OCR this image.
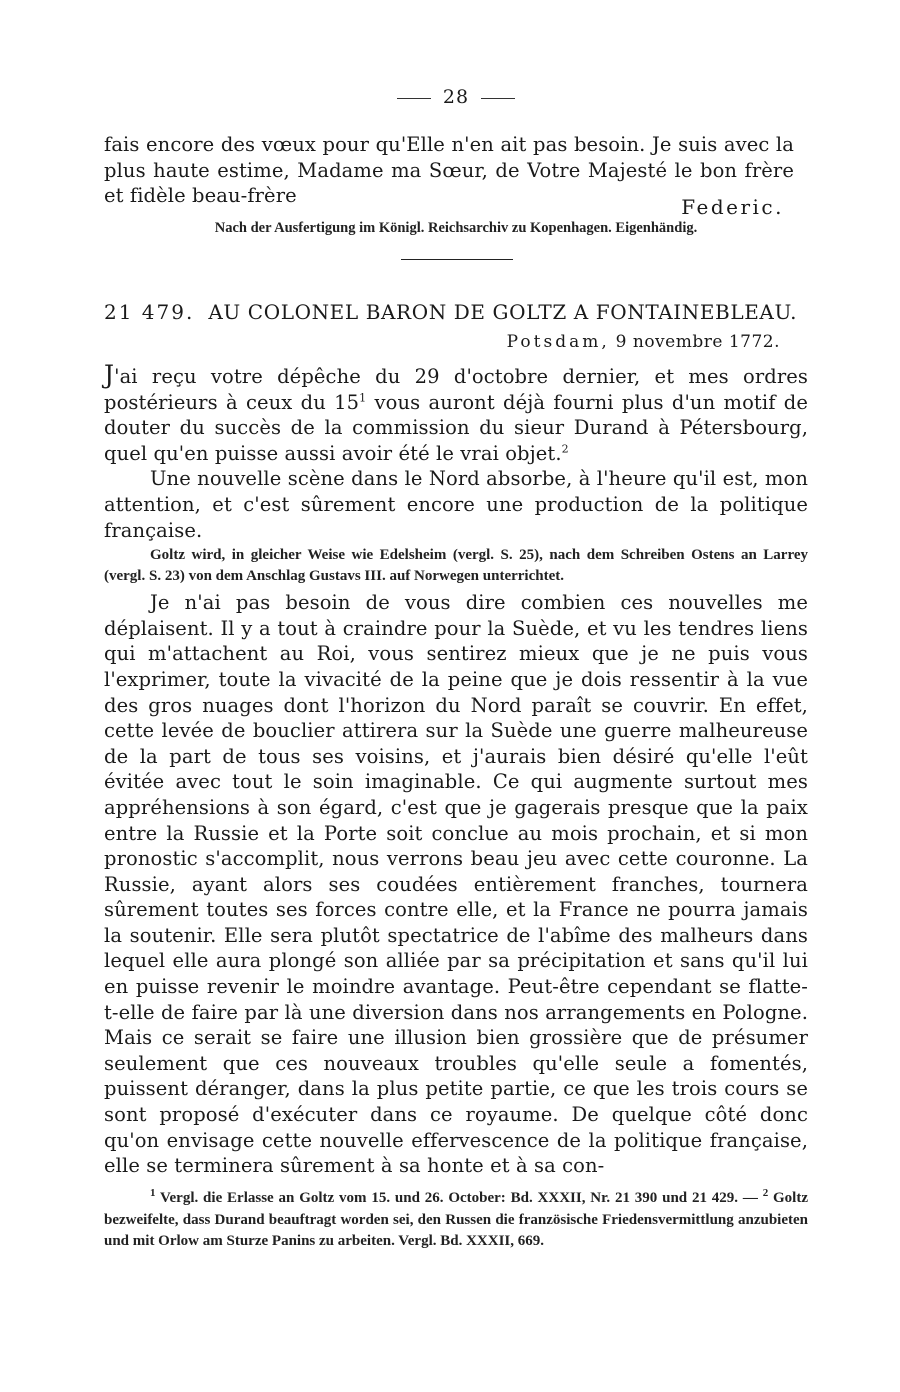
28

fais encore des vœux pour qu'Elle n'en ait pas besoin. Je suis avec la plus haute estime, Madame ma Sœur, de Votre Majesté le bon frère et fidèle beau-frère	Federic.
Nach der Ausfertigung im Königl. Reichsarchiv zu Kopenhagen. Eigenhändig.
21 479. AU COLONEL BARON DE GOLTZ A FONTAINEBLEAU.
Potsdam, 9 novembre 1772.

J'ai reçu votre dépêche du 29 d'octobre dernier, et mes ordres postérieurs à ceux du 15$^1$ vous auront déjà fourni plus d'un motif de douter du succès de la commission du sieur Durand à Pétersbourg, quel qu'en puisse aussi avoir été le vrai objet.$^2$

Une nouvelle scène dans le Nord absorbe, à l'heure qu'il est, mon attention, et c'est sûrement encore une production de la politique française.

Goltz wird, in gleicher Weise wie Edelsheim (vergl. S. 25), nach dem Schreiben Ostens an Larrey (vergl. S. 23) von dem Anschlag Gustavs III. auf Norwegen unterrichtet.

Je n'ai pas besoin de vous dire combien ces nouvelles me déplaisent. Il y a tout à craindre pour la Suède, et vu les tendres liens qui m'attachent au Roi, vous sentirez mieux que je ne puis vous l'exprimer, toute la vivacité de la peine que je dois ressentir à la vue des gros nuages dont l'horizon du Nord paraît se couvrir. En effet, cette levée de bouclier attirera sur la Suède une guerre malheureuse de la part de tous ses voisins, et j'aurais bien désiré qu'elle l'eût évitée avec tout le soin imaginable. Ce qui augmente surtout mes appréhensions à son égard, c'est que je gagerais presque que la paix entre la Russie et la Porte soit conclue au mois prochain, et si mon pronostic s'accomplit, nous verrons beau jeu avec cette couronne. La Russie, ayant alors ses coudées entièrement franches, tournera sûrement toutes ses forces contre elle, et la France ne pourra jamais la soutenir. Elle sera plutôt spectatrice de l'abîme des malheurs dans lequel elle aura plongé son alliée par sa précipitation et sans qu'il lui en puisse revenir le moindre avantage. Peut-être cependant se flatte-t-elle de faire par là une diversion dans nos arrangements en Pologne. Mais ce serait se faire une illusion bien grossière que de présumer seulement que ces nouveaux troubles qu'elle seule a fomentés, puissent déranger, dans la plus petite partie, ce que les trois cours se sont proposé d'exécuter dans ce royaume. De quelque côté donc qu'on envisage cette nouvelle effervescence de la politique française, elle se terminera sûrement à sa honte et à sa con-

$^1$ Vergl. die Erlasse an Goltz vom 15. und 26. October: Bd. XXXII, Nr. 21 390 und 21 429. — $^2$ Goltz bezweifelte, dass Durand beauftragt worden sei, den Russen die französische Friedensvermittlung anzubieten und mit Orlow am Sturze Panins zu arbeiten. Vergl. Bd. XXXII, 669.
